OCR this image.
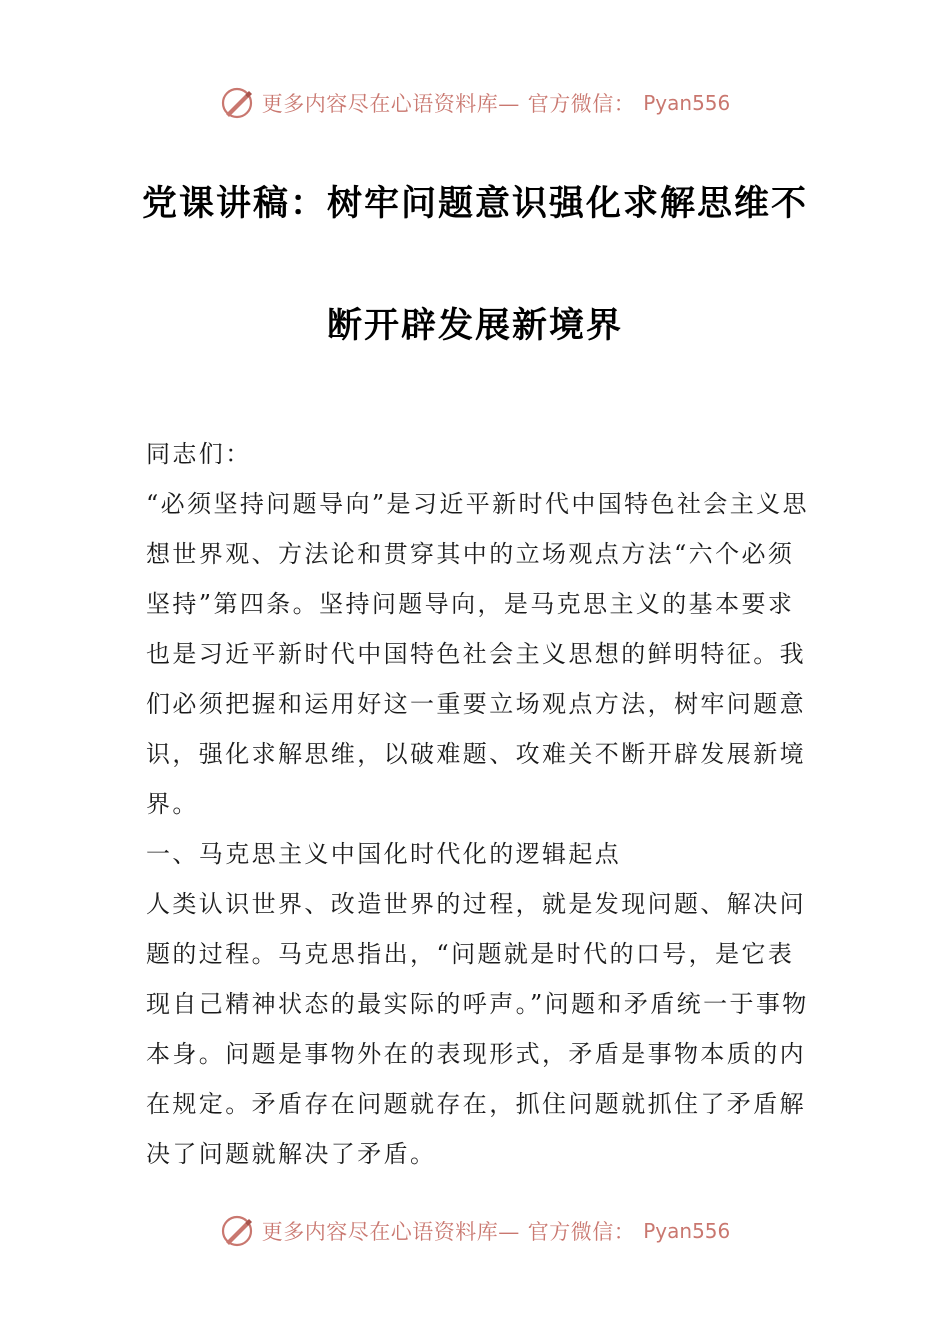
更多内容尽在心语资料库— 官方微信： Pyan556
党课讲稿：树牢问题意识强化求解思维不
断开辟发展新境界

同志们：

“必须坚持问题导向”是习近平新时代中国特色社会主义思想世界观、方法论和贯穿其中的立场观点方法“六个必须坚持”第四条。坚持问题导向，是马克思主义的基本要求也是习近平新时代中国特色社会主义思想的鲜明特征。我们必须把握和运用好这一重要立场观点方法，树牢问题意识，强化求解思维，以破难题、攻难关不断开辟发展新境界。

一、马克思主义中国化时代化的逻辑起点

人类认识世界、改造世界的过程，就是发现问题、解决问题的过程。马克思指出，“问题就是时代的口号，是它表现自己精神状态的最实际的呼声。”问题和矛盾统一于事物本身。问题是事物外在的表现形式，矛盾是事物本质的内在规定。矛盾存在问题就存在，抓住问题就抓住了矛盾解决了问题就解决了矛盾。

更多内容尽在心语资料库— 官方微信： Pyan556
